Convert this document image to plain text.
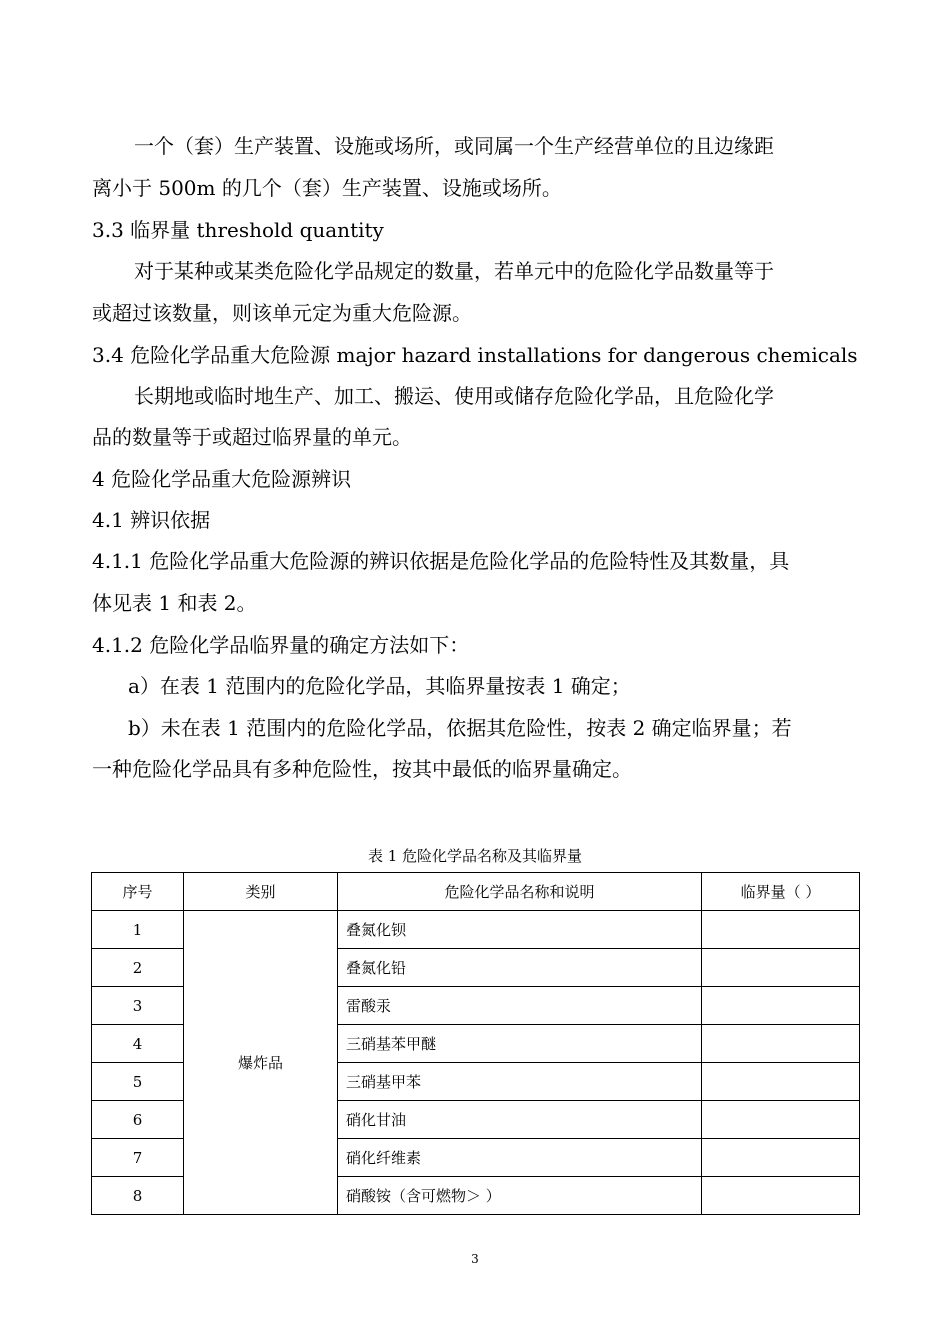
一个（套）生产装置、设施或场所，或同属一个生产经营单位的且边缘距
离小于 500m 的几个（套）生产装置、设施或场所。
3.3 临界量 threshold quantity
对于某种或某类危险化学品规定的数量，若单元中的危险化学品数量等于
或超过该数量，则该单元定为重大危险源。
3.4 危险化学品重大危险源 major hazard installations for dangerous chemicals
长期地或临时地生产、加工、搬运、使用或储存危险化学品，且危险化学
品的数量等于或超过临界量的单元。
4 危险化学品重大危险源辨识
4.1 辨识依据
4.1.1 危险化学品重大危险源的辨识依据是危险化学品的危险特性及其数量，具
体见表 1 和表 2。
4.1.2 危险化学品临界量的确定方法如下：
a）在表 1 范围内的危险化学品，其临界量按表 1 确定；
b）未在表 1 范围内的危险化学品，依据其危险性，按表 2 确定临界量；若
一种危险化学品具有多种危险性，按其中最低的临界量确定。
表 1 危险化学品名称及其临界量
序号	类别	危险化学品名称和说明	临界量（ ）
1	爆炸品	叠氮化钡	
2		叠氮化铅	
3		雷酸汞	
4		三硝基苯甲醚	
5		三硝基甲苯	
6		硝化甘油	
7		硝化纤维素	
8		硝酸铵（含可燃物＞ ）	
3
